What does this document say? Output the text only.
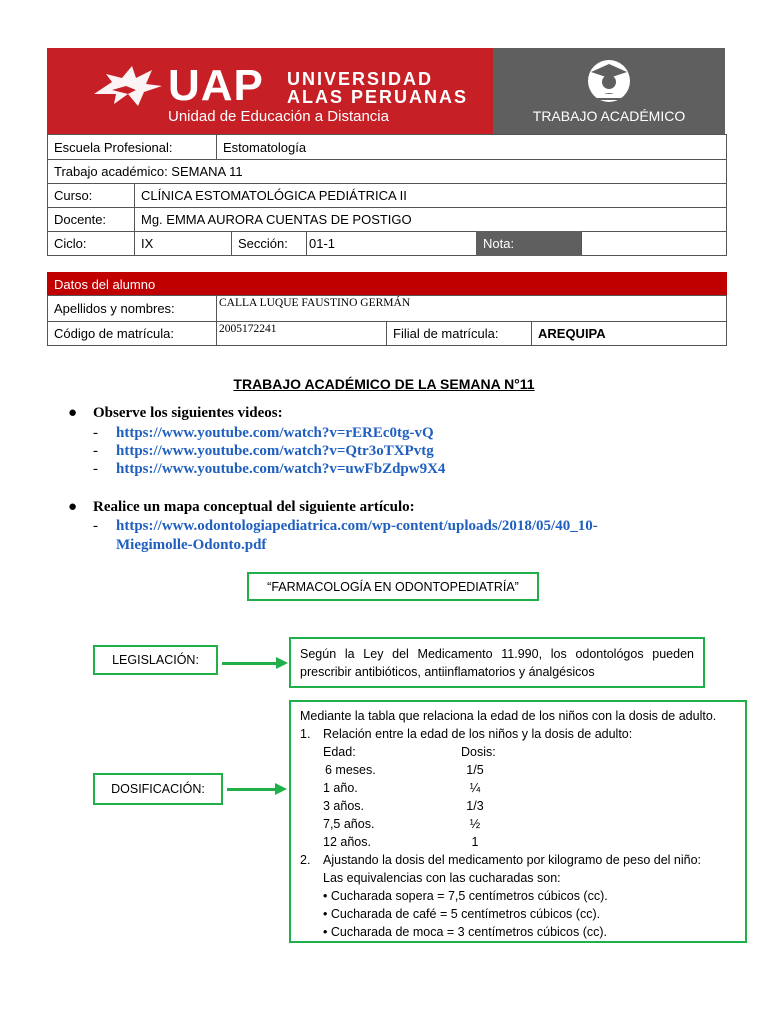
UAP UNIVERSIDAD
ALAS PERUANAS
Unidad de Educación a Distancia	TRABAJO ACADÉMICO
Escuela Profesional:	Estomatología
Trabajo académico: SEMANA 11
Curso:	CLÍNICA ESTOMATOLÓGICA PEDIÁTRICA II
Docente:	Mg. EMMA AURORA CUENTAS DE POSTIGO
Ciclo:	IX	Sección:	01-1	Nota:
Datos del alumno
Apellidos y nombres:	CALLA LUQUE FAUSTINO GERMÁN
Código de matrícula:	2005172241	Filial de matrícula:	AREQUIPA
TRABAJO ACADÉMICO DE LA SEMANA N°11
● Observe los siguientes videos:
- https://www.youtube.com/watch?v=rEREc0tg-vQ
- https://www.youtube.com/watch?v=Qtr3oTXPvtg
- https://www.youtube.com/watch?v=uwFbZdpw9X4
● Realice un mapa conceptual del siguiente artículo:
- https://www.odontologiapediatrica.com/wp-content/uploads/2018/05/40_10-
Miegimolle-Odonto.pdf
“FARMACOLOGÍA EN ODONTOPEDIATRÍA”
LEGISLACIÓN:	Según la Ley del Medicamento 11.990, los odontológos pueden prescribir antibióticos, antiinflamatorios y ánalgésicos
DOSIFICACIÓN:
Mediante la tabla que relaciona la edad de los niños con la dosis de adulto.
1. Relación entre la edad de los niños y la dosis de adulto:
Edad:	Dosis:
6 meses.	1/5
1 año.	¼
3 años.	1/3
7,5 años.	½
12 años.	1
2. Ajustando la dosis del medicamento por kilogramo de peso del niño:
Las equivalencias con las cucharadas son:
• Cucharada sopera = 7,5 centímetros cúbicos (cc).
• Cucharada de café = 5 centímetros cúbicos (cc).
• Cucharada de moca = 3 centímetros cúbicos (cc).
